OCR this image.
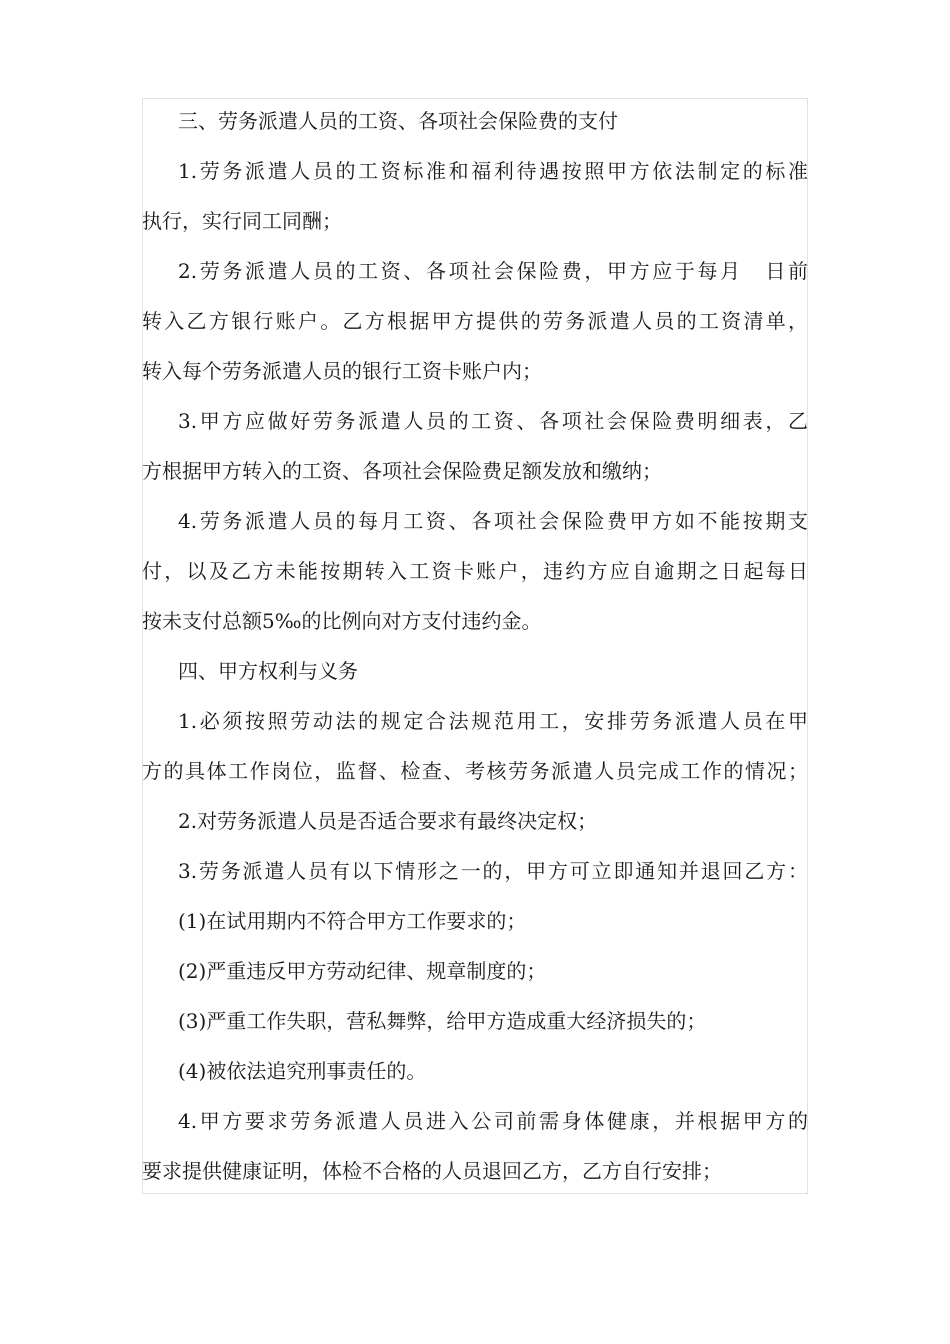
三、劳务派遣人员的工资、各项社会保险费的支付
1.劳务派遣人员的工资标准和福利待遇按照甲方依法制定的标准
执行，实行同工同酬；
2.劳务派遣人员的工资、各项社会保险费，甲方应于每月　日前
转入乙方银行账户。乙方根据甲方提供的劳务派遣人员的工资清单，
转入每个劳务派遣人员的银行工资卡账户内；
3.甲方应做好劳务派遣人员的工资、各项社会保险费明细表，乙
方根据甲方转入的工资、各项社会保险费足额发放和缴纳；
4.劳务派遣人员的每月工资、各项社会保险费甲方如不能按期支
付，以及乙方未能按期转入工资卡账户，违约方应自逾期之日起每日
按未支付总额5‰的比例向对方支付违约金。
四、甲方权利与义务
1.必须按照劳动法的规定合法规范用工，安排劳务派遣人员在甲
方的具体工作岗位，监督、检查、考核劳务派遣人员完成工作的情况；
2.对劳务派遣人员是否适合要求有最终决定权；
3.劳务派遣人员有以下情形之一的，甲方可立即通知并退回乙方：
(1)在试用期内不符合甲方工作要求的；
(2)严重违反甲方劳动纪律、规章制度的；
(3)严重工作失职，营私舞弊，给甲方造成重大经济损失的；
(4)被依法追究刑事责任的。
4.甲方要求劳务派遣人员进入公司前需身体健康，并根据甲方的
要求提供健康证明，体检不合格的人员退回乙方，乙方自行安排；
